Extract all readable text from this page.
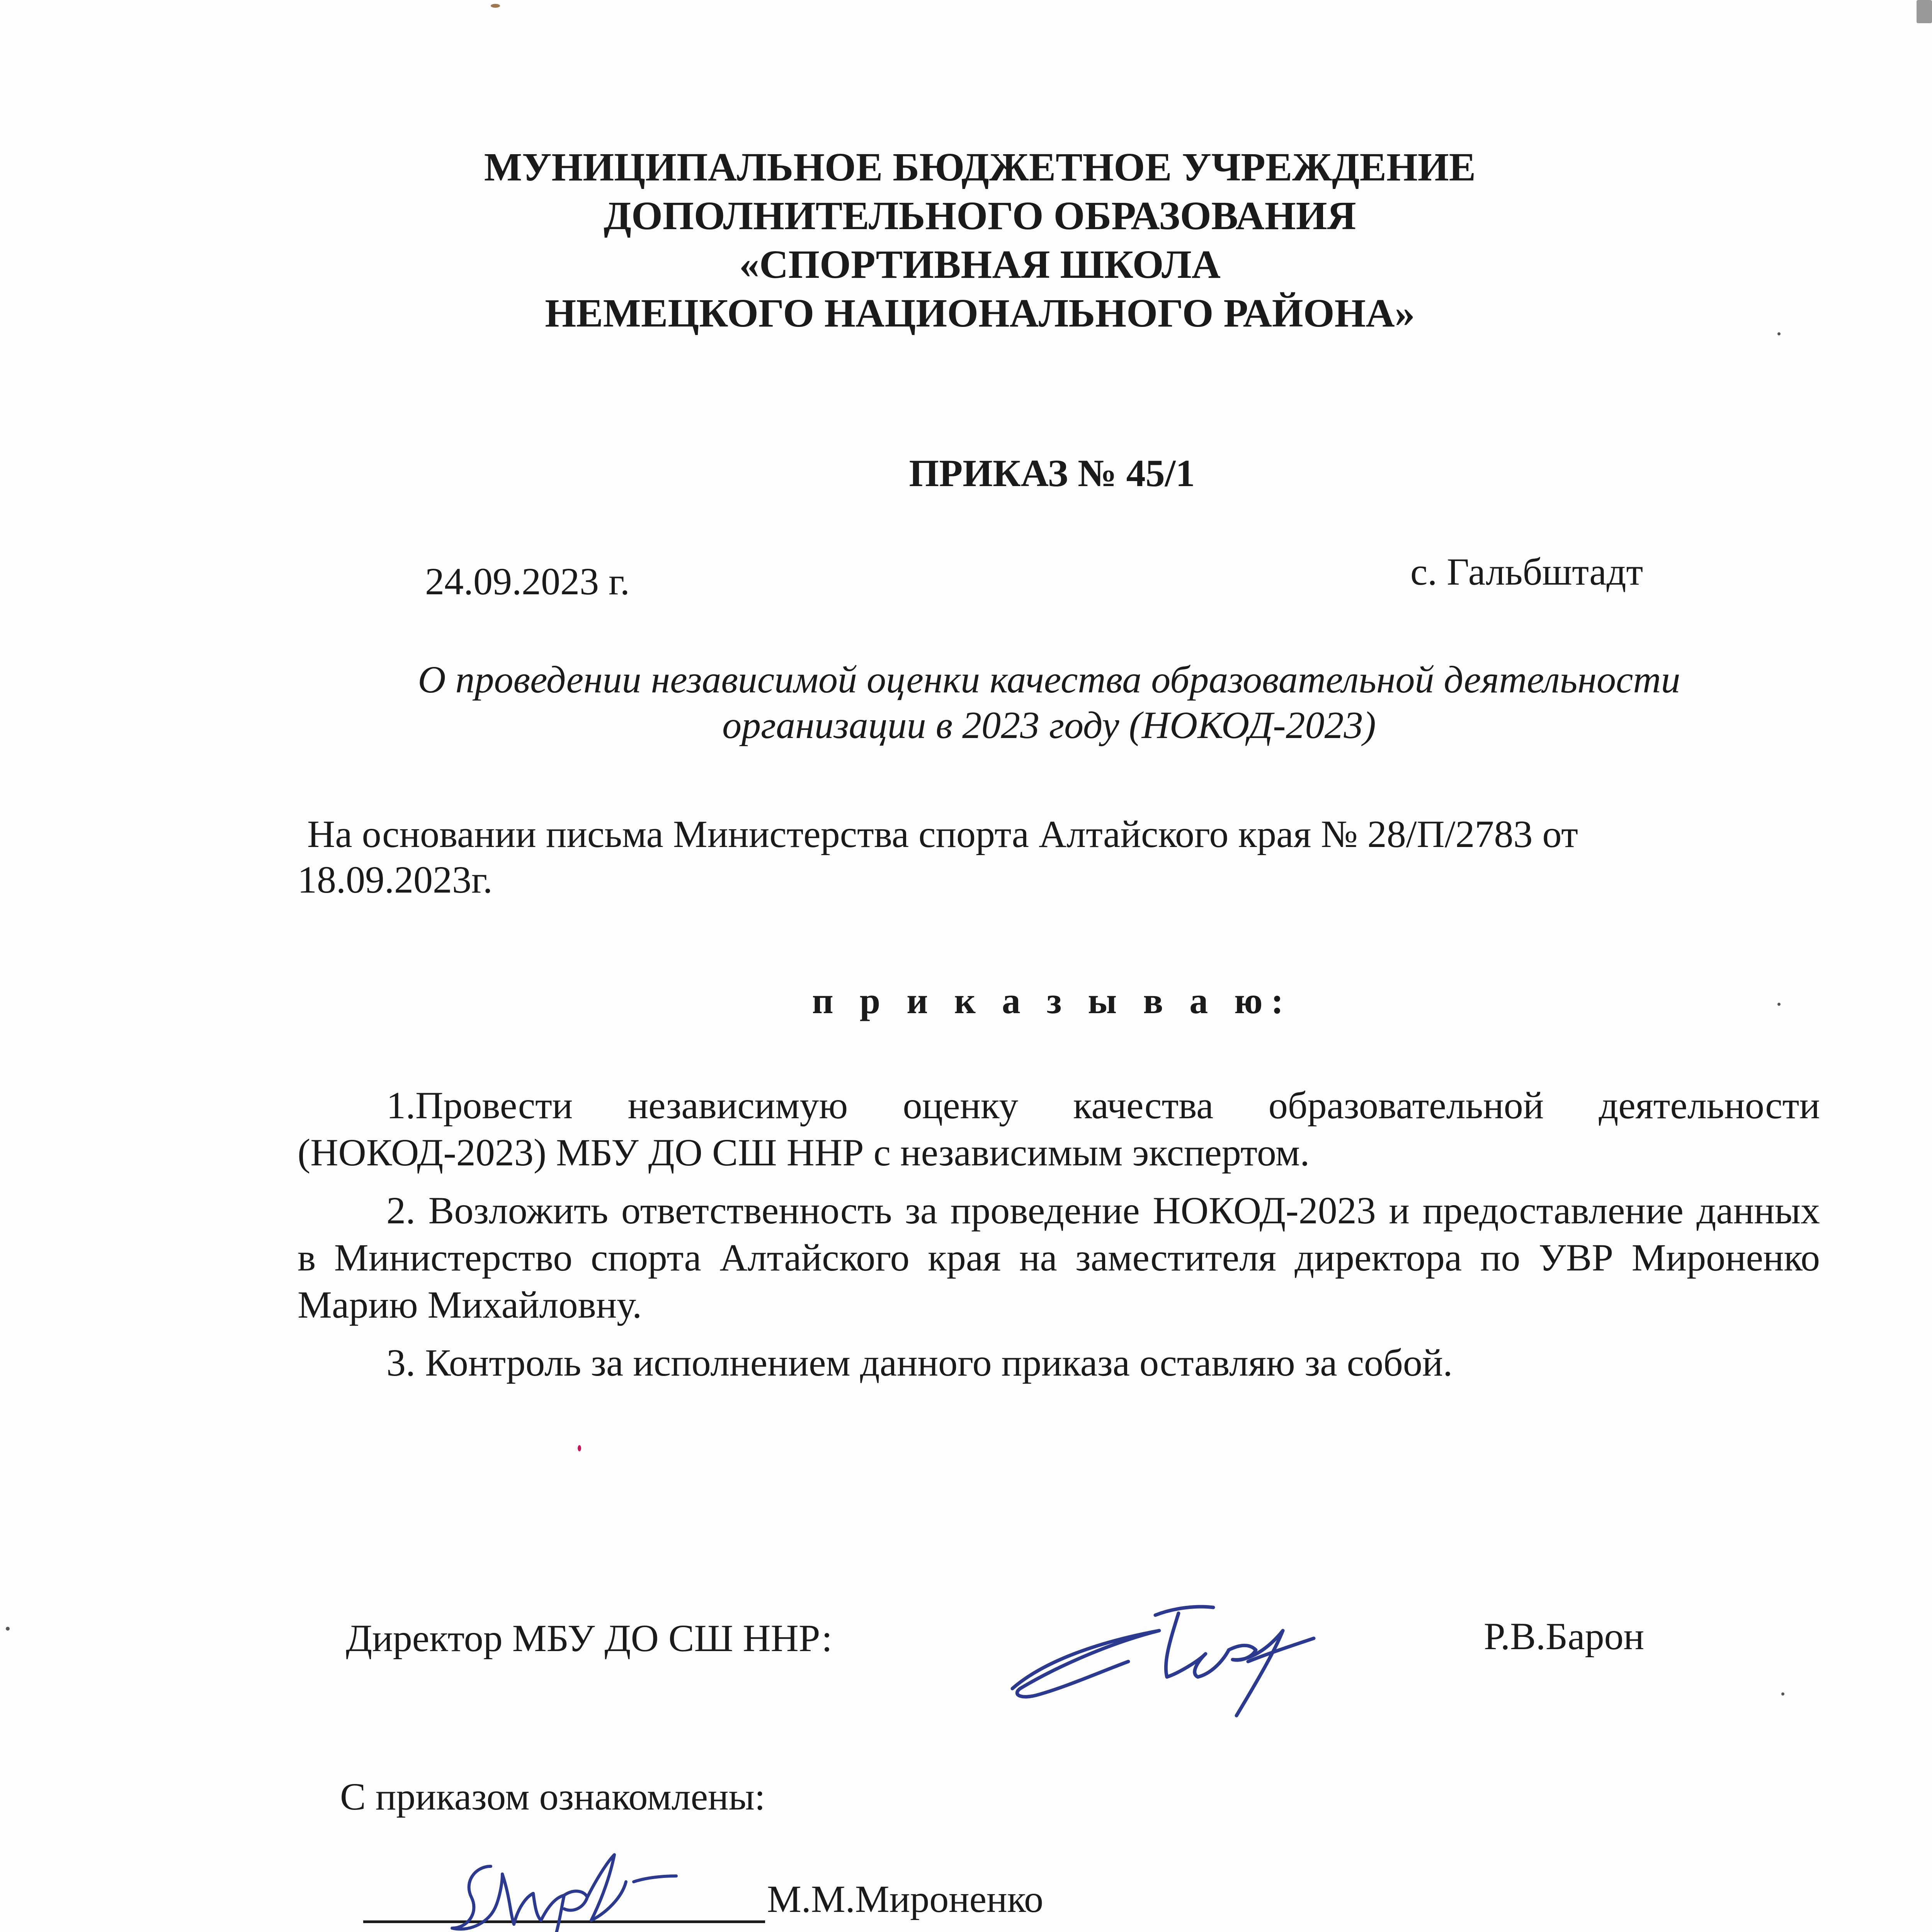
МУНИЦИПАЛЬНОЕ БЮДЖЕТНОЕ УЧРЕЖДЕНИЕ
ДОПОЛНИТЕЛЬНОГО ОБРАЗОВАНИЯ
«СПОРТИВНАЯ ШКОЛА
НЕМЕЦКОГО НАЦИОНАЛЬНОГО РАЙОНА»
ПРИКАЗ № 45/1
24.09.2023 г.	с. Гальбштадт
О проведении независимой оценки качества образовательной деятельности
организации в 2023 году (НОКОД-2023)
На основании письма Министерства спорта Алтайского края № 28/П/2783 от
18.09.2023г.
п р и к а з ы в а ю:

1.Провести независимую оценку качества образовательной деятельности (НОКОД-2023) МБУ ДО СШ ННР с независимым экспертом.

2. Возложить ответственность за проведение НОКОД-2023 и предоставление данных в Министерство спорта Алтайского края на заместителя директора по УВР Мироненко Марию Михайловну.

3. Контроль за исполнением данного приказа оставляю за собой.

Директор МБУ ДО СШ ННР:	Р.В.Барон
С приказом ознакомлены:
М.М.Мироненко
